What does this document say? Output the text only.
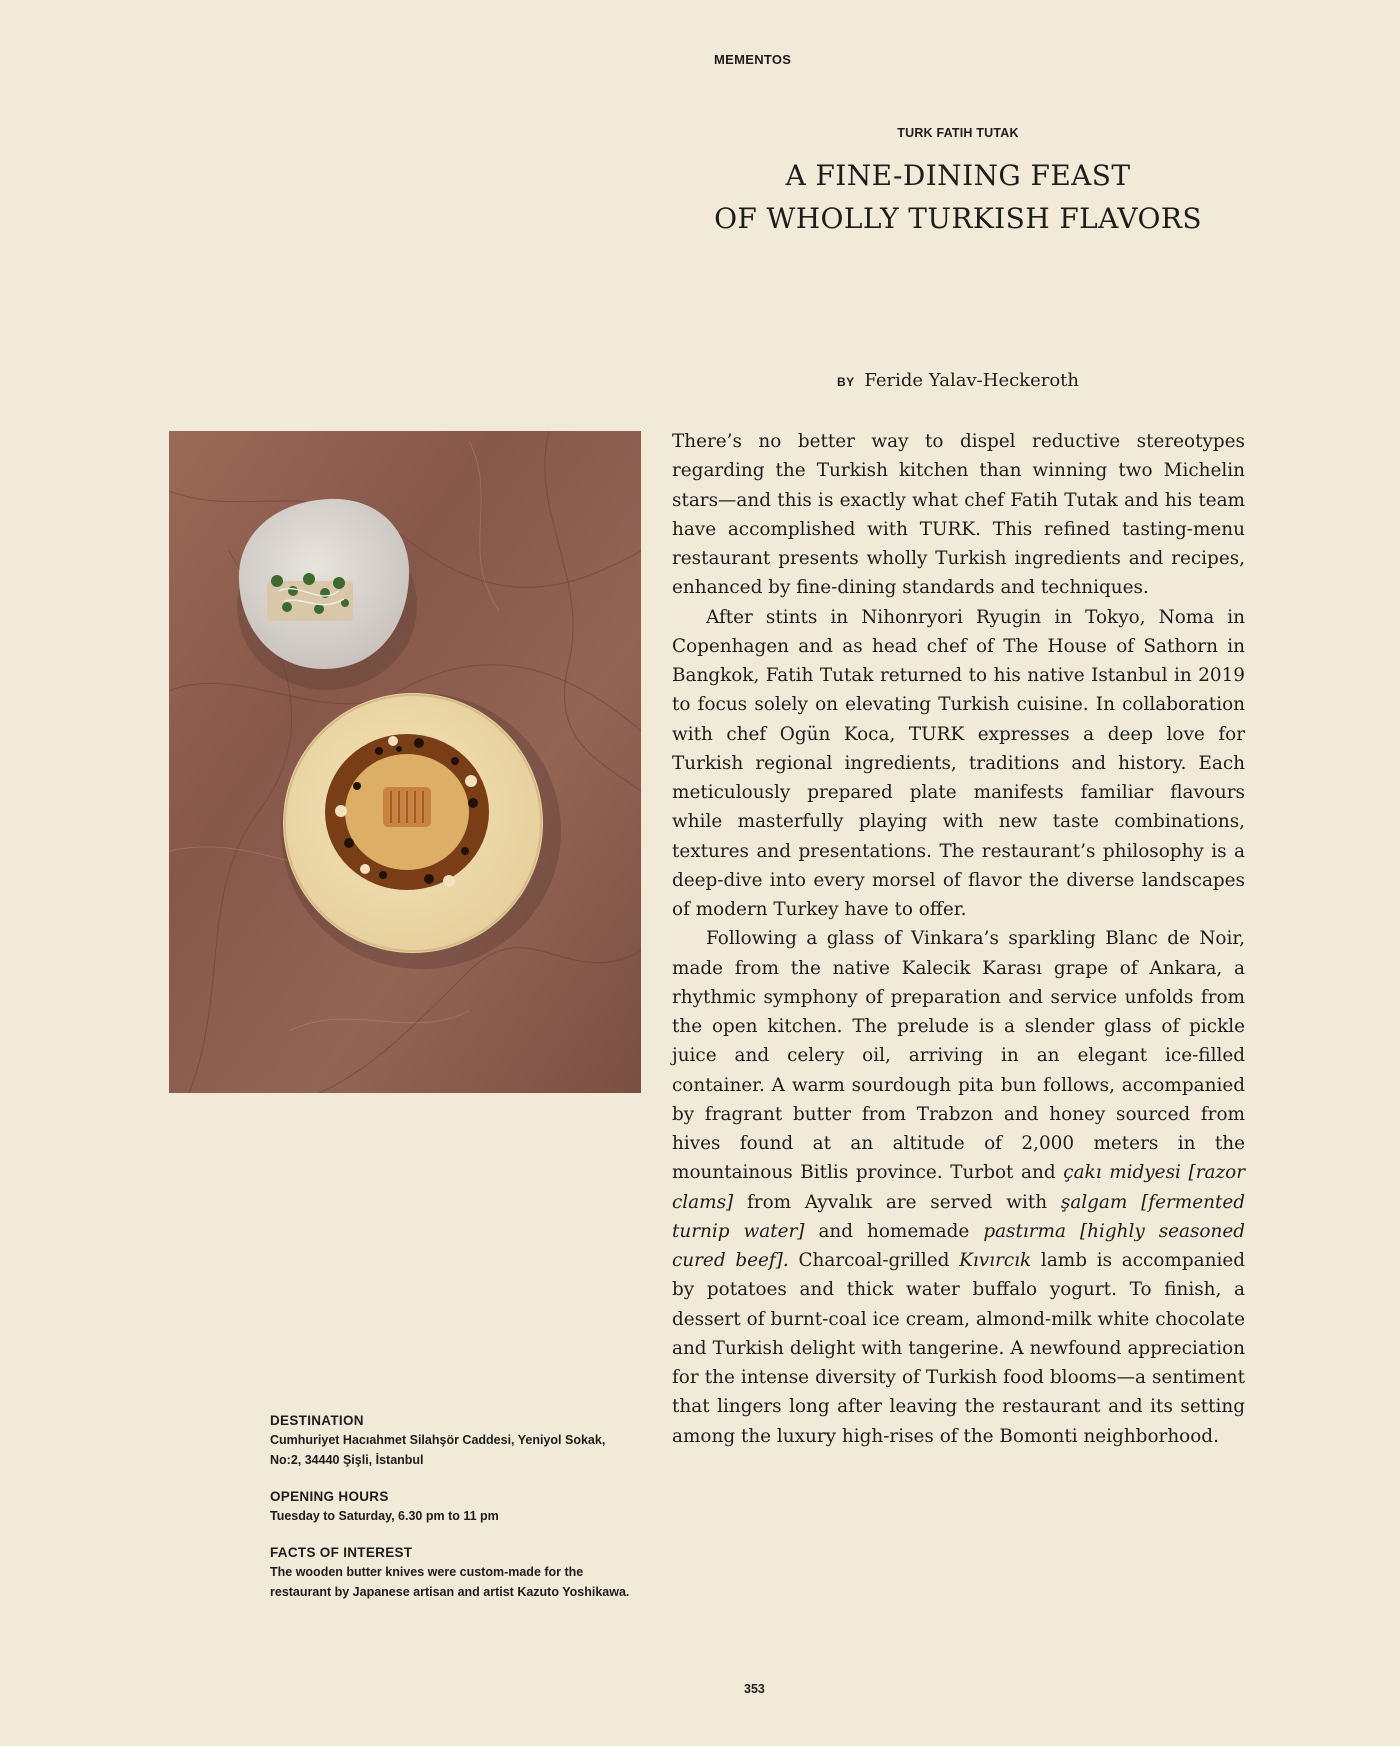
MEMENTOS
TURK FATIH TUTAK
A FINE-DINING FEAST
OF WHOLLY TURKISH FLAVORS
BY Feride Yalav-Heckeroth

There’s no better way to dispel reductive stereotypes regarding the Turkish kitchen than winning two Michelin stars—and this is exactly what chef Fatih Tutak and his team have accomplished with TURK. This refined tasting-menu restaurant presents wholly Turkish ingredients and recipes, enhanced by fine-dining standards and techniques.

After stints in Nihonryori Ryugin in Tokyo, Noma in Copenhagen and as head chef of The House of Sathorn in Bangkok, Fatih Tutak returned to his native Istanbul in 2019 to focus solely on elevating Turkish cuisine. In collaboration with chef Ogün Koca, TURK expresses a deep love for Turkish regional ingredients, traditions and history. Each meticulously prepared plate manifests familiar flavours while masterfully playing with new taste combinations, textures and presentations. The restaurant’s philosophy is a deep-dive into every morsel of flavor the diverse landscapes of modern Turkey have to offer.

Following a glass of Vinkara’s sparkling Blanc de Noir, made from the native Kalecik Karası grape of Ankara, a rhythmic symphony of preparation and service unfolds from the open kitchen. The prelude is a slender glass of pickle juice and celery oil, arriving in an elegant ice-filled container. A warm sourdough pita bun follows, accompanied by fragrant butter from Trabzon and honey sourced from hives found at an altitude of 2,000 meters in the mountainous Bitlis province. Turbot and çakı midyesi [razor clams] from Ayvalık are served with şalgam [fermented turnip water] and homemade pastırma [highly seasoned cured beef]. Charcoal-grilled Kıvırcık lamb is accompanied by potatoes and thick water buffalo yogurt. To finish, a dessert of burnt-coal ice cream, almond-milk white chocolate and Turkish delight with tangerine. A newfound appreciation for the intense diversity of Turkish food blooms—a sentiment that lingers long after leaving the restaurant and its setting among the luxury high-rises of the Bomonti neighborhood.

DESTINATION
Cumhuriyet Hacıahmet Silahşör Caddesi, Yeniyol Sokak, No:2, 34440 Şişli, İstanbul
OPENING HOURS
Tuesday to Saturday, 6.30 pm to 11 pm
FACTS OF INTEREST
The wooden butter knives were custom-made for the restaurant by Japanese artisan and artist Kazuto Yoshikawa.
353
